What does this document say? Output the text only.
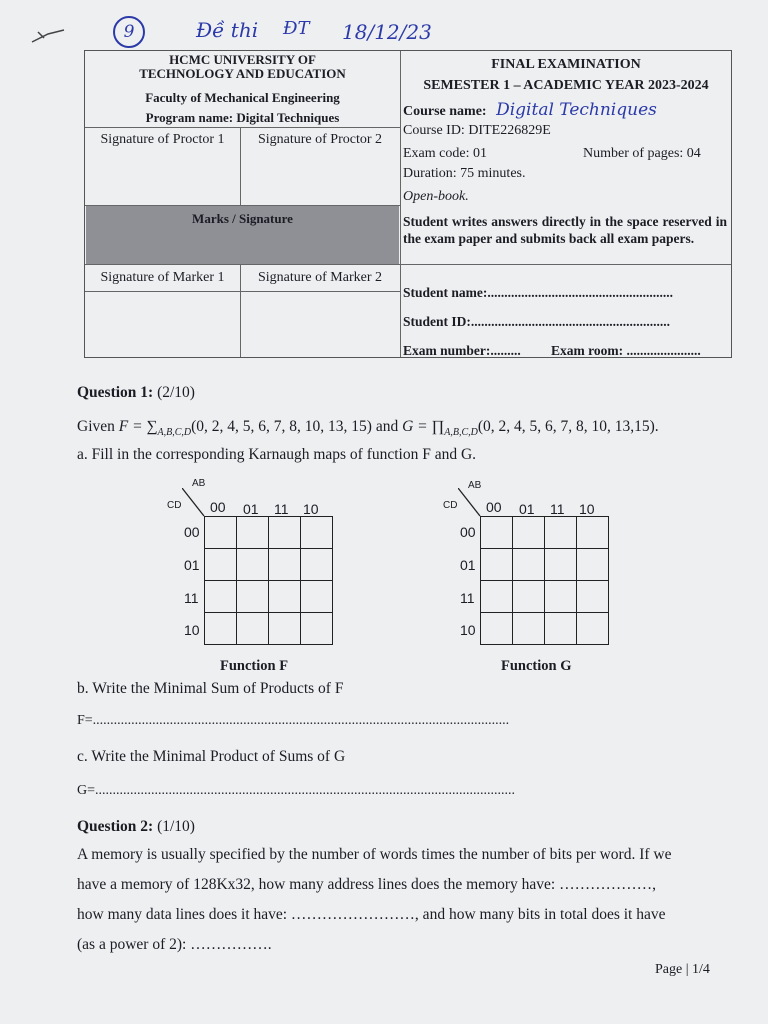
9	Đề thi ĐT 18/12/23
HCMC UNIVERSITY OF
TECHNOLOGY AND EDUCATION
Faculty of Mechanical Engineering
Program name: Digital Techniques
Signature of Proctor 1	Signature of Proctor 2
Marks / Signature
Signature of Marker 1	Signature of Marker 2
FINAL EXAMINATION
SEMESTER 1 – ACADEMIC YEAR 2023-2024
Course name: Digital Techniques
Course ID: DITE226829E
Exam code: 01	Number of pages: 04
Duration: 75 minutes.
Open-book.
Student writes answers directly in the space reserved in the exam paper and submits back all exam papers.
Student name:.......................................................
Student ID:...........................................................
Exam number:......... Exam room: ......................
Question 1: (2/10)
Given $F = \sum_{A,B,C,D}(0$, 2, 4, 5, 6, 7, 8, 10, 13, 15) and $G = \prod_{A,B,C,D}(0$, 2, 4, 5, 6, 7, 8, 10, 13,15).
a. Fill in the corresponding Karnaugh maps of function F and G.
AB
CD 00 01 11 10
00
01
11
10

Function F
AB
CD 00 01 11 10
00
01
11
10

Function G
b. Write the Minimal Sum of Products of F
F=.......................................................................................................................
c. Write the Minimal Product of Sums of G
G=........................................................................................................................
Question 2: (1/10)
A memory is usually specified by the number of words times the number of bits per word. If we
have a memory of 128Kx32, how many address lines does the memory have: ………………,
how many data lines does it have: ……………………, and how many bits in total does it have
(as a power of 2): …………….
Page | 1/4
